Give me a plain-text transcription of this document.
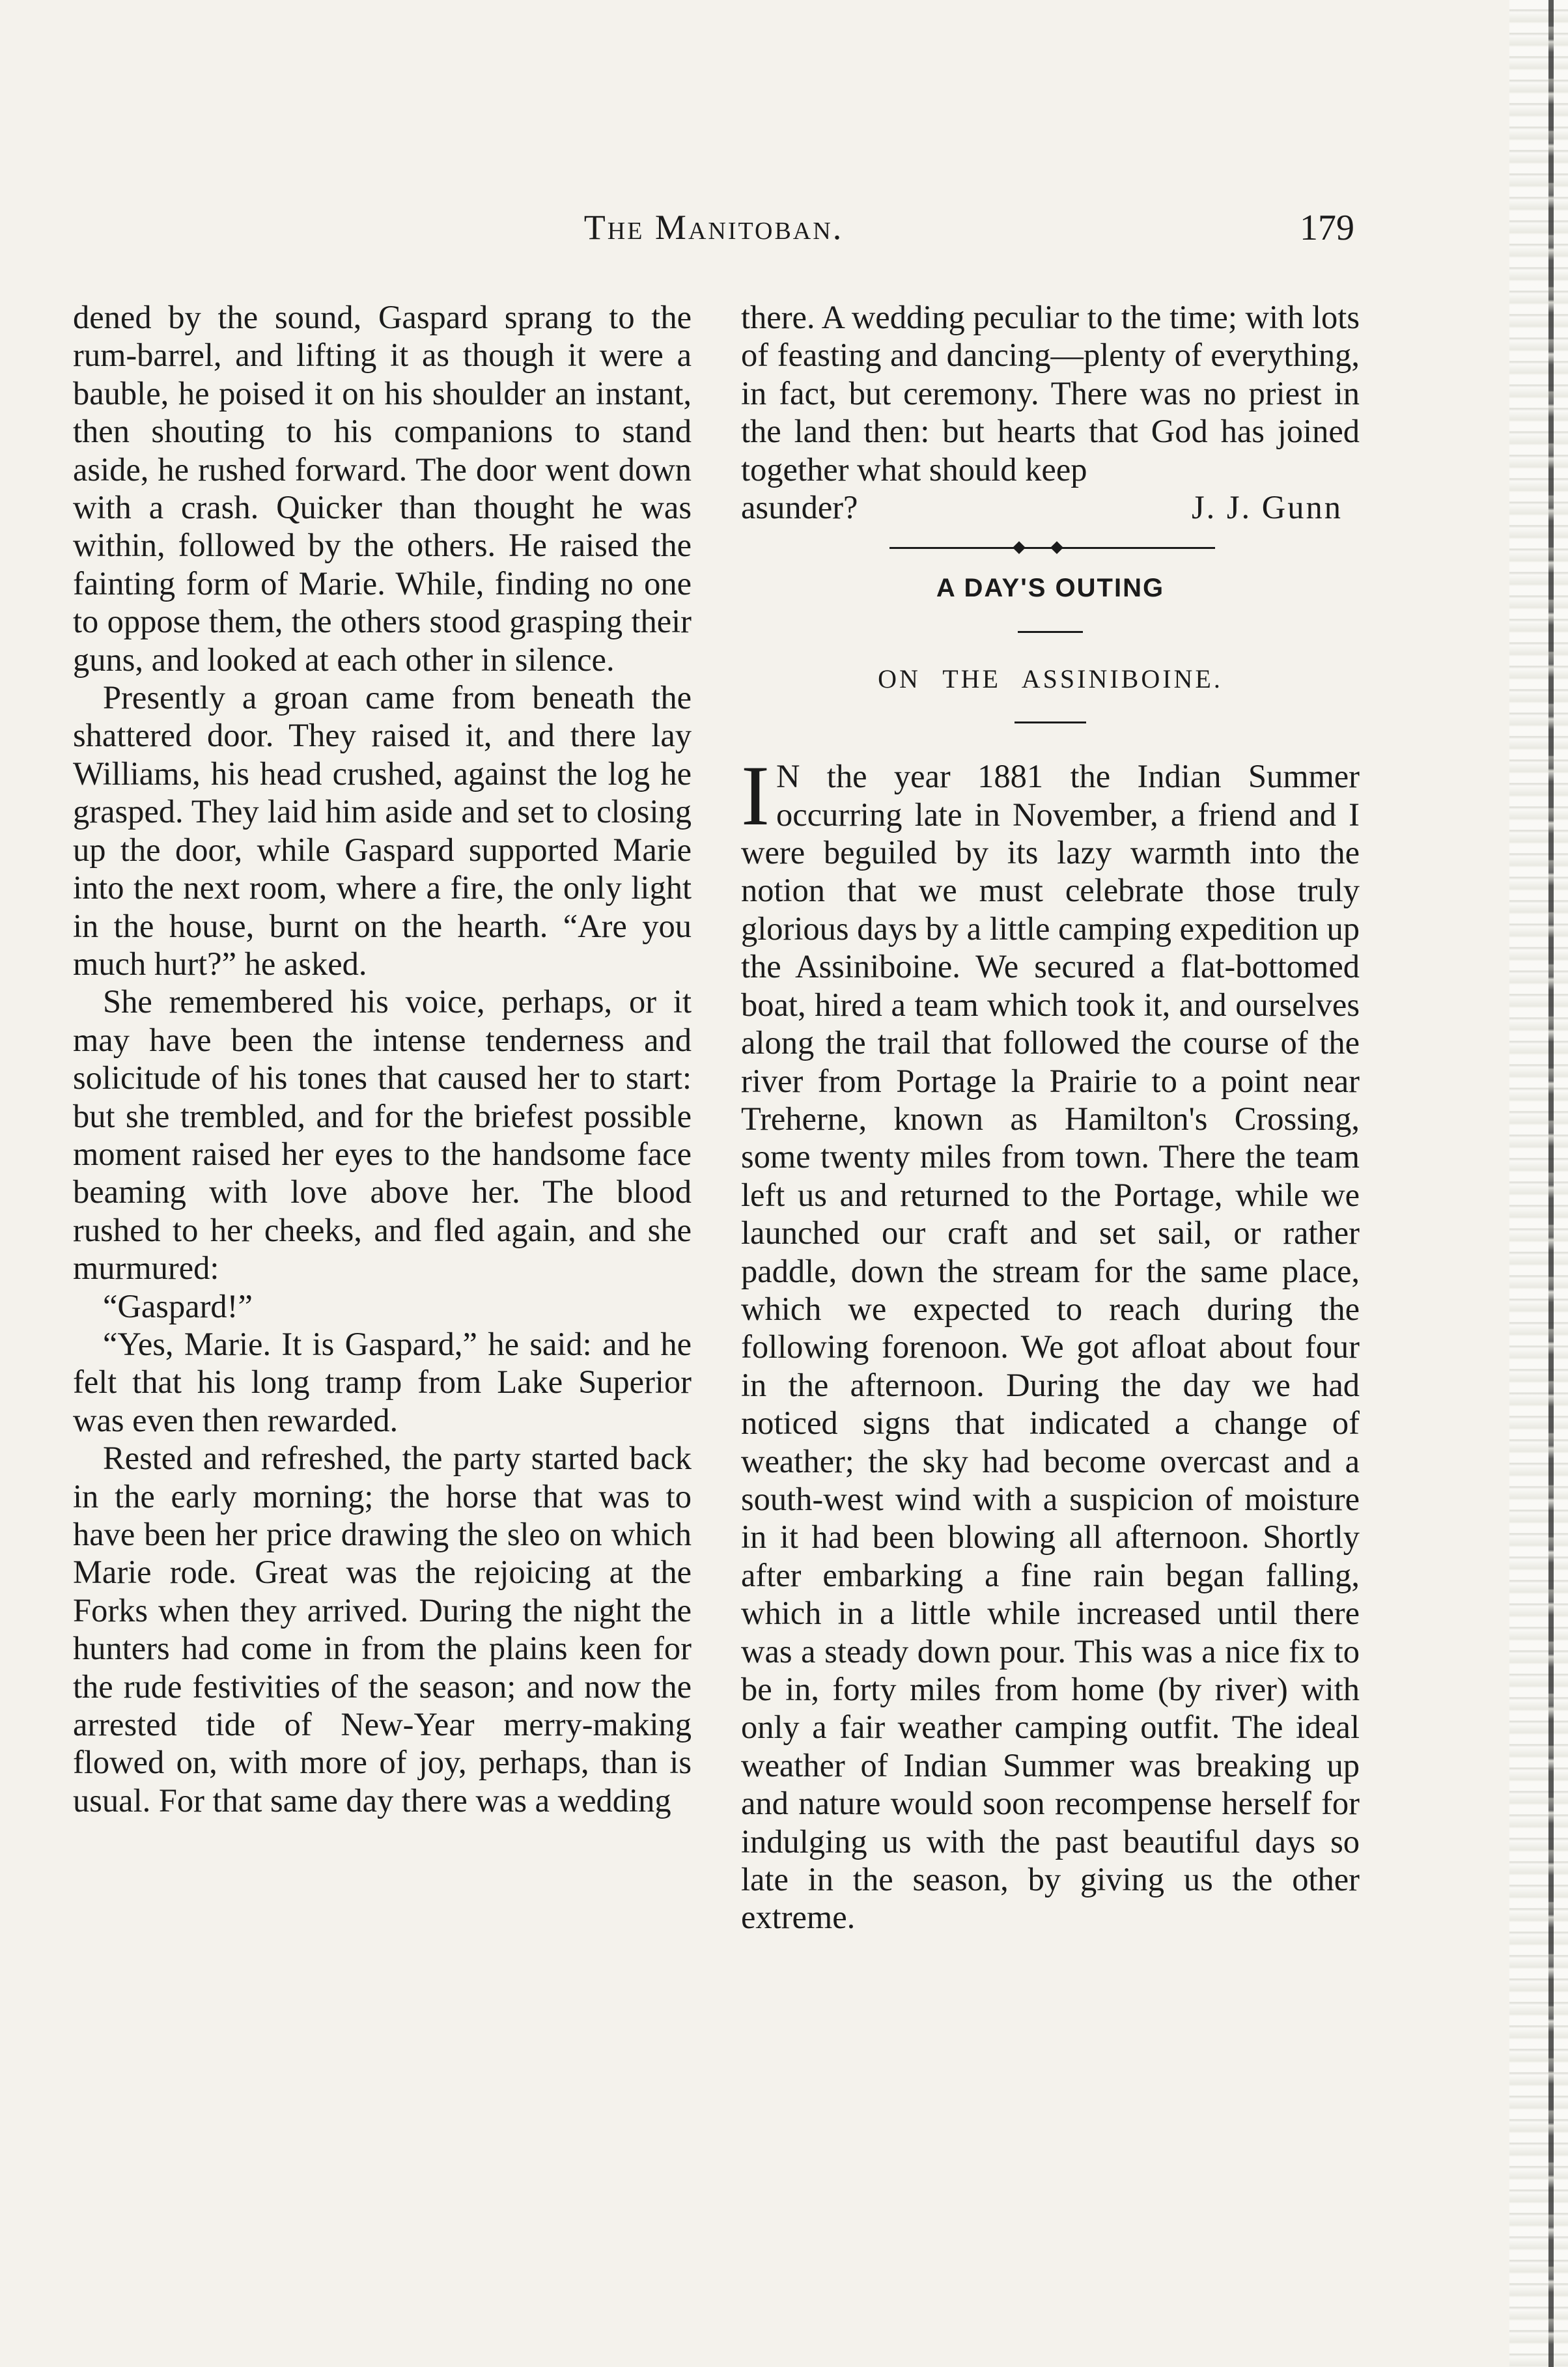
The Manitoban.	179

dened by the sound, Gaspard sprang to the rum-barrel, and lifting it as though it were a bauble, he poised it on his shoulder an instant, then shouting to his companions to stand aside, he rushed forward. The door went down with a crash. Quicker than thought he was within, followed by the others. He raised the fainting form of Marie. While, finding no one to oppose them, the others stood grasping their guns, and looked at each other in silence.

Presently a groan came from beneath the shattered door. They raised it, and there lay Williams, his head crushed, against the log he grasped. They laid him aside and set to closing up the door, while Gaspard supported Marie into the next room, where a fire, the only light in the house, burnt on the hearth. “Are you much hurt?” he asked.

She remembered his voice, perhaps, or it may have been the intense tenderness and solicitude of his tones that caused her to start: but she trembled, and for the briefest possible moment raised her eyes to the handsome face beaming with love above her. The blood rushed to her cheeks, and fled again, and she murmured:

“Gaspard!”

“Yes, Marie. It is Gaspard,” he said: and he felt that his long tramp from Lake Superior was even then rewarded.

Rested and refreshed, the party started back in the early morning; the horse that was to have been her price drawing the sleo on which Marie rode. Great was the rejoicing at the Forks when they arrived. During the night the hunters had come in from the plains keen for the rude festivities of the season; and now the arrested tide of New-Year merry-making flowed on, with more of joy, perhaps, than is usual. For that same day there was a wedding

there. A wedding peculiar to the time; with lots of feasting and dancing—plenty of everything, in fact, but ceremony. There was no priest in the land then: but hearts that God has joined together what should keep

asunder?	J. J. Gunn

A DAY'S OUTING
ON THE ASSINIBOINE.
I N the year 1881 the Indian Summer occurring late in November, a friend and I were beguiled by its lazy warmth into the notion that we must celebrate those truly glorious days by a little camping expedition up the Assiniboine. We secured a flat-bottomed boat, hired a team which took it, and ourselves along the trail that followed the course of the river from Portage la Prairie to a point near Treherne, known as Hamilton's Crossing, some twenty miles from town. There the team left us and returned to the Portage, while we launched our craft and set sail, or rather paddle, down the stream for the same place, which we expected to reach during the following forenoon. We got afloat about four in the afternoon. During the day we had noticed signs that indicated a change of weather; the sky had become overcast and a south-west wind with a suspicion of moisture in it had been blowing all afternoon. Shortly after embarking a fine rain began falling, which in a little while increased until there was a steady down pour. This was a nice fix to be in, forty miles from home (by river) with only a fair weather camping outfit. The ideal weather of Indian Summer was breaking up and nature would soon recompense herself for indulging us with the past beautiful days so late in the season, by giving us the other extreme.
